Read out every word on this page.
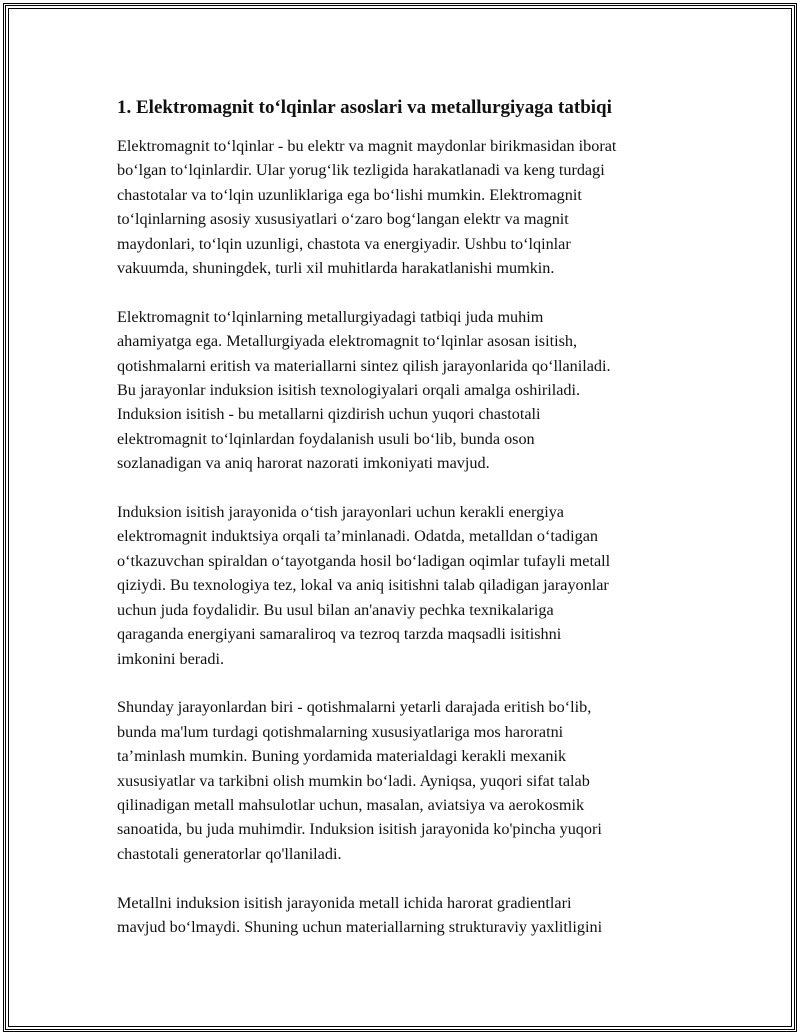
1. Elektromagnit to‘lqinlar asoslari va metallurgiyaga tatbiqi

Elektromagnit to‘lqinlar - bu elektr va magnit maydonlar birikmasidan iborat
bo‘lgan to‘lqinlardir. Ular yorug‘lik tezligida harakatlanadi va keng turdagi
chastotalar va to‘lqin uzunliklariga ega bo‘lishi mumkin. Elektromagnit
to‘lqinlarning asosiy xususiyatlari o‘zaro bog‘langan elektr va magnit
maydonlari, to‘lqin uzunligi, chastota va energiyadir. Ushbu to‘lqinlar
vakuumda, shuningdek, turli xil muhitlarda harakatlanishi mumkin.

Elektromagnit to‘lqinlarning metallurgiyadagi tatbiqi juda muhim
ahamiyatga ega. Metallurgiyada elektromagnit to‘lqinlar asosan isitish,
qotishmalarni eritish va materiallarni sintez qilish jarayonlarida qo‘llaniladi.
Bu jarayonlar induksion isitish texnologiyalari orqali amalga oshiriladi.
Induksion isitish - bu metallarni qizdirish uchun yuqori chastotali
elektromagnit to‘lqinlardan foydalanish usuli bo‘lib, bunda oson
sozlanadigan va aniq harorat nazorati imkoniyati mavjud.

Induksion isitish jarayonida o‘tish jarayonlari uchun kerakli energiya
elektromagnit induktsiya orqali ta’minlanadi. Odatda, metalldan o‘tadigan
o‘tkazuvchan spiraldan o‘tayotganda hosil bo‘ladigan oqimlar tufayli metall
qiziydi. Bu texnologiya tez, lokal va aniq isitishni talab qiladigan jarayonlar
uchun juda foydalidir. Bu usul bilan an'anaviy pechka texnikalariga
qaraganda energiyani samaraliroq va tezroq tarzda maqsadli isitishni
imkonini beradi.

Shunday jarayonlardan biri - qotishmalarni yetarli darajada eritish bo‘lib,
bunda ma'lum turdagi qotishmalarning xususiyatlariga mos haroratni
ta’minlash mumkin. Buning yordamida materialdagi kerakli mexanik
xususiyatlar va tarkibni olish mumkin bo‘ladi. Ayniqsa, yuqori sifat talab
qilinadigan metall mahsulotlar uchun, masalan, aviatsiya va aerokosmik
sanoatida, bu juda muhimdir. Induksion isitish jarayonida ko'pincha yuqori
chastotali generatorlar qo'llaniladi.

Metallni induksion isitish jarayonida metall ichida harorat gradientlari
mavjud bo‘lmaydi. Shuning uchun materiallarning strukturaviy yaxlitligini
